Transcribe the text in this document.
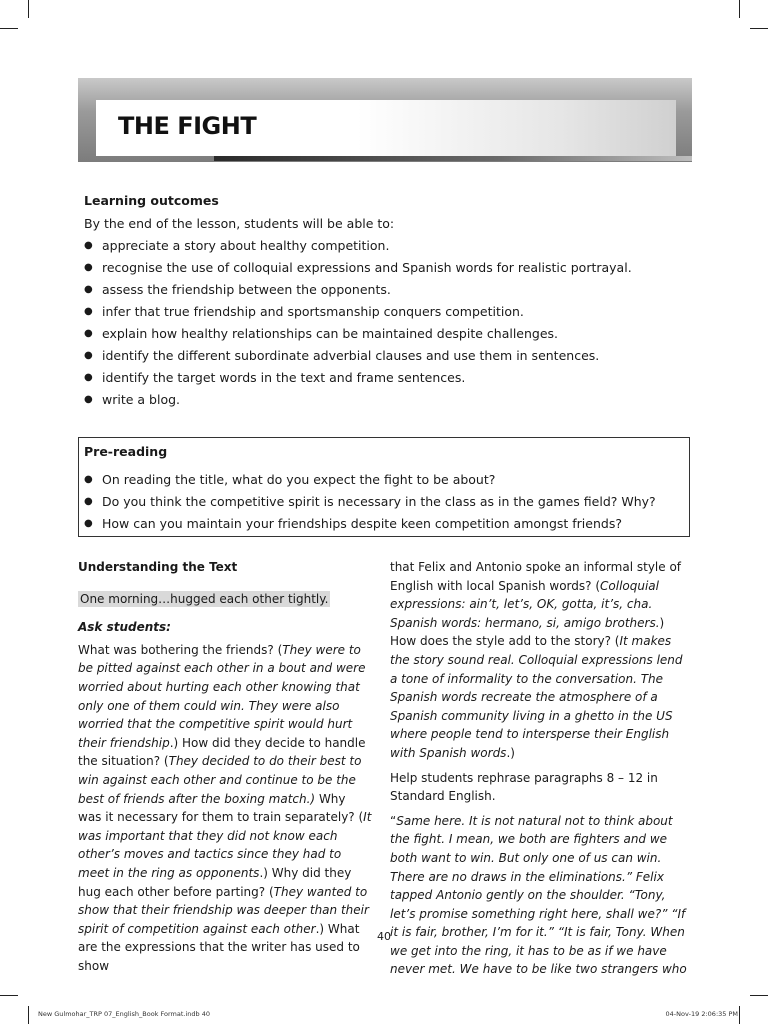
THE FIGHT
Learning outcomes
By the end of the lesson, students will be able to:
● appreciate a story about healthy competition.
● recognise the use of colloquial expressions and Spanish words for realistic portrayal.
● assess the friendship between the opponents.
● infer that true friendship and sportsmanship conquers competition.
● explain how healthy relationships can be maintained despite challenges.
● identify the different subordinate adverbial clauses and use them in sentences.
● identify the target words in the text and frame sentences.
● write a blog.
Pre-reading
● On reading the title, what do you expect the fight to be about?
● Do you think the competitive spirit is necessary in the class as in the games field? Why?
● How can you maintain your friendships despite keen competition amongst friends?

Understanding the Text

One morning…hugged each other tightly.

Ask students:

What was bothering the friends? (They were to be pitted against each other in a bout and were worried about hurting each other knowing that only one of them could win. They were also worried that the competitive spirit would hurt their friendship.) How did they decide to handle the situation? (They decided to do their best to win against each other and continue to be the best of friends after the boxing match.) Why was it necessary for them to train separately? (It was important that they did not know each other’s moves and tactics since they had to meet in the ring as opponents.) Why did they hug each other before parting? (They wanted to show that their friendship was deeper than their spirit of competition against each other.) What are the expressions that the writer has used to show

that Felix and Antonio spoke an informal style of English with local Spanish words? (Colloquial expressions: ain’t, let’s, OK, gotta, it’s, cha. Spanish words: hermano, si, amigo brothers.) How does the style add to the story? (It makes the story sound real. Colloquial expressions lend a tone of informality to the conversation. The Spanish words recreate the atmosphere of a Spanish community living in a ghetto in the US where people tend to intersperse their English with Spanish words.)

Help students rephrase paragraphs 8 – 12 in Standard English.

“Same here. It is not natural not to think about the fight. I mean, we both are fighters and we both want to win. But only one of us can win. There are no draws in the eliminations.” Felix tapped Antonio gently on the shoulder. “Tony, let’s promise something right here, shall we?” “If it is fair, brother, I’m for it.” “It is fair, Tony. When we get into the ring, it has to be as if we have never met. We have to be like two strangers who

40
New Gulmohar_TRP 07_English_Book Format.indb 40	04-Nov-19 2:06:35 PM
